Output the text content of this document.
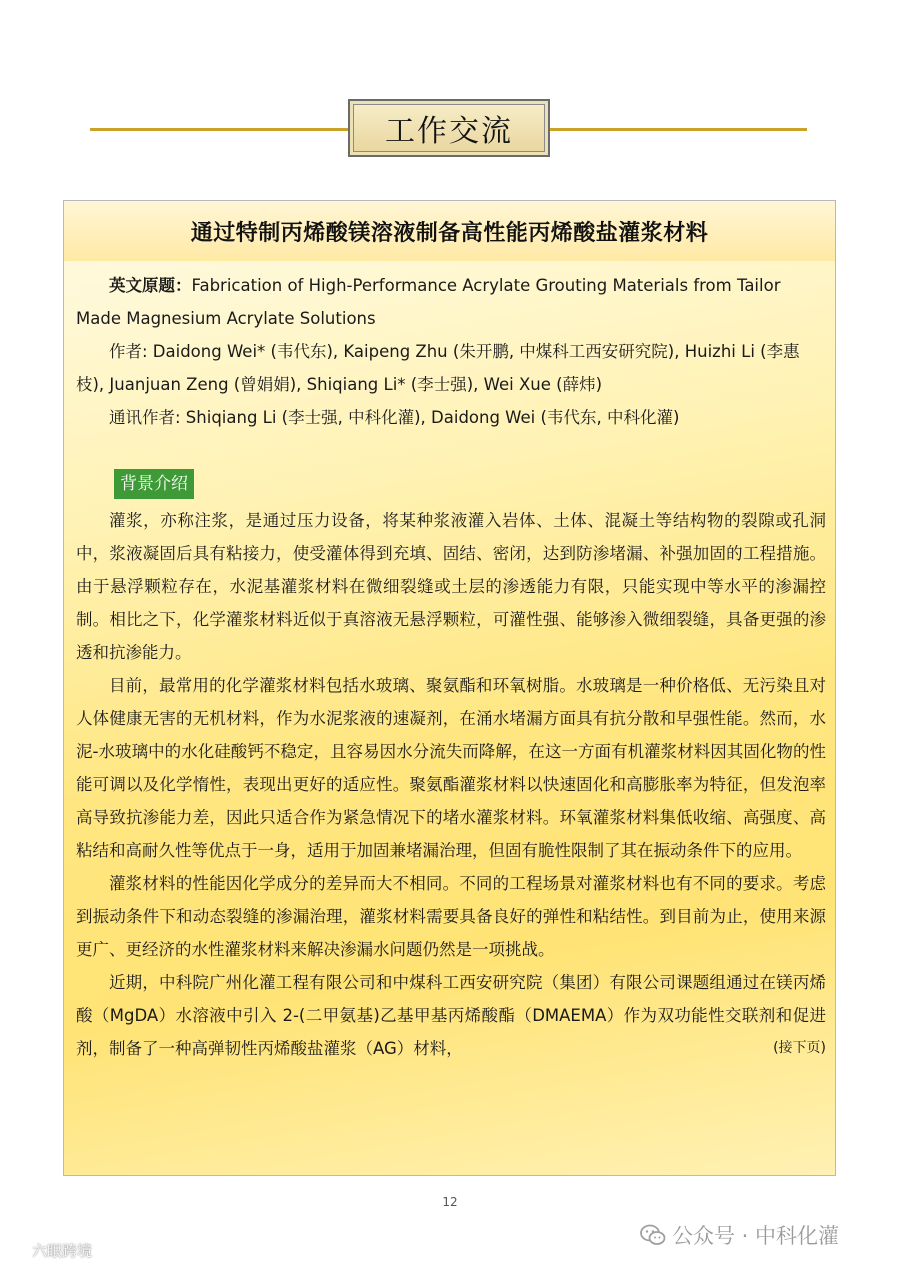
工作交流
通过特制丙烯酸镁溶液制备高性能丙烯酸盐灌浆材料

英文原题：Fabrication of High-Performance Acrylate Grouting Materials from Tailor Made Magnesium Acrylate Solutions

作者: Daidong Wei* (韦代东), Kaipeng Zhu (朱开鹏, 中煤科工西安研究院), Huizhi Li (李惠枝), Juanjuan Zeng (曾娟娟), Shiqiang Li* (李士强), Wei Xue (薛炜)

通讯作者: Shiqiang Li (李士强, 中科化灌), Daidong Wei (韦代东, 中科化灌)

背景介绍

灌浆，亦称注浆，是通过压力设备，将某种浆液灌入岩体、土体、混凝土等结构物的裂隙或孔洞中，浆液凝固后具有粘接力，使受灌体得到充填、固结、密闭，达到防渗堵漏、补强加固的工程措施。由于悬浮颗粒存在，水泥基灌浆材料在微细裂缝或土层的渗透能力有限，只能实现中等水平的渗漏控制。相比之下，化学灌浆材料近似于真溶液无悬浮颗粒，可灌性强、能够渗入微细裂缝，具备更强的渗透和抗渗能力。

目前，最常用的化学灌浆材料包括水玻璃、聚氨酯和环氧树脂。水玻璃是一种价格低、无污染且对人体健康无害的无机材料，作为水泥浆液的速凝剂，在涌水堵漏方面具有抗分散和早强性能。然而，水泥-水玻璃中的水化硅酸钙不稳定，且容易因水分流失而降解，在这一方面有机灌浆材料因其固化物的性能可调以及化学惰性，表现出更好的适应性。聚氨酯灌浆材料以快速固化和高膨胀率为特征，但发泡率高导致抗渗能力差，因此只适合作为紧急情况下的堵水灌浆材料。环氧灌浆材料集低收缩、高强度、高粘结和高耐久性等优点于一身，适用于加固兼堵漏治理，但固有脆性限制了其在振动条件下的应用。

灌浆材料的性能因化学成分的差异而大不相同。不同的工程场景对灌浆材料也有不同的要求。考虑到振动条件下和动态裂缝的渗漏治理，灌浆材料需要具备良好的弹性和粘结性。到目前为止，使用来源更广、更经济的水性灌浆材料来解决渗漏水问题仍然是一项挑战。

近期，中科院广州化灌工程有限公司和中煤科工西安研究院（集团）有限公司课题组通过在镁丙烯酸（MgDA）水溶液中引入 2-(二甲氨基)乙基甲基丙烯酸酯（DMAEMA）作为双功能性交联剂和促进剂，制备了一种高弹韧性丙烯酸盐灌浆（AG）材料，	(接下页)

12
公众号 · 中科化灌
六眼跨境
